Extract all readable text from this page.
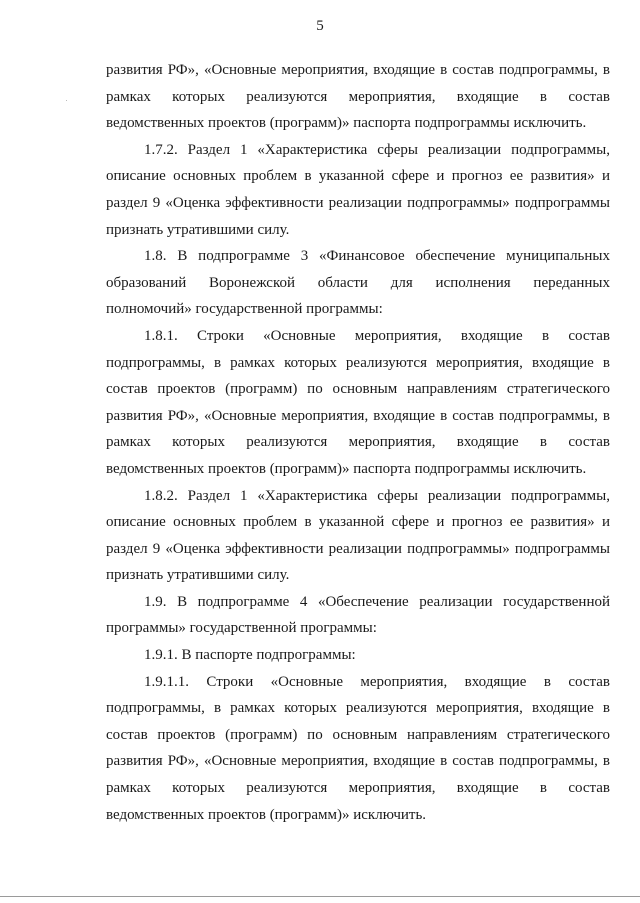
5
развития РФ», «Основные мероприятия, входящие в состав подпрограммы, в
рамках которых реализуются мероприятия, входящие в состав
ведомственных проектов (программ)» паспорта подпрограммы исключить.
1.7.2. Раздел 1 «Характеристика сферы реализации подпрограммы,
описание основных проблем в указанной сфере и прогноз ее развития» и
раздел 9 «Оценка эффективности реализации подпрограммы» подпрограммы
признать утратившими силу.
1.8. В подпрограмме 3 «Финансовое обеспечение муниципальных
образований Воронежской области для исполнения переданных
полномочий» государственной программы:
1.8.1. Строки «Основные мероприятия, входящие в состав
подпрограммы, в рамках которых реализуются мероприятия, входящие в
состав проектов (программ) по основным направлениям стратегического
развития РФ», «Основные мероприятия, входящие в состав подпрограммы, в
рамках которых реализуются мероприятия, входящие в состав
ведомственных проектов (программ)» паспорта подпрограммы исключить.
1.8.2. Раздел 1 «Характеристика сферы реализации подпрограммы,
описание основных проблем в указанной сфере и прогноз ее развития» и
раздел 9 «Оценка эффективности реализации подпрограммы» подпрограммы
признать утратившими силу.
1.9. В подпрограмме 4 «Обеспечение реализации государственной
программы» государственной программы:
1.9.1. В паспорте подпрограммы:
1.9.1.1. Строки «Основные мероприятия, входящие в состав
подпрограммы, в рамках которых реализуются мероприятия, входящие в
состав проектов (программ) по основным направлениям стратегического
развития РФ», «Основные мероприятия, входящие в состав подпрограммы, в
рамках которых реализуются мероприятия, входящие в состав
ведомственных проектов (программ)» исключить.
